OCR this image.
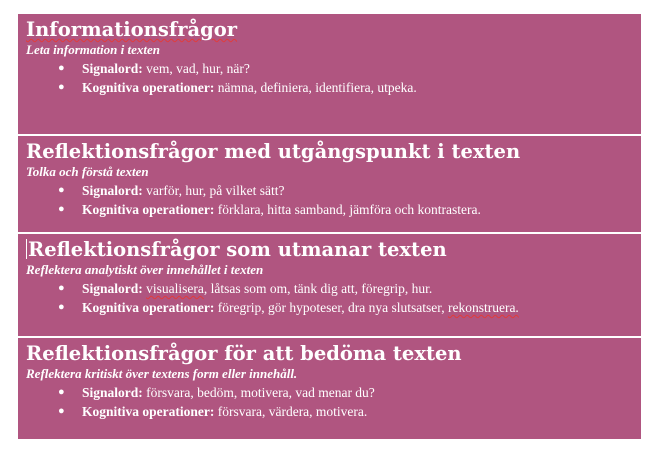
Informationsfrågor

Leta information i texten

● Signalord: vem, vad, hur, när?
● Kognitiva operationer: nämna, definiera, identifiera, utpeka.
Reflektionsfrågor med utgångspunkt i texten

Tolka och förstå texten

● Signalord: varför, hur, på vilket sätt?
● Kognitiva operationer: förklara, hitta samband, jämföra och kontrastera.
Reflektionsfrågor som utmanar texten

Reflektera analytiskt över innehållet i texten

● Signalord: visualisera, låtsas som om, tänk dig att, föregrip, hur.
● Kognitiva operationer: föregrip, gör hypoteser, dra nya slutsatser, rekonstruera.
Reflektionsfrågor för att bedöma texten

Reflektera kritiskt över textens form eller innehåll.

● Signalord: försvara, bedöm, motivera, vad menar du?
● Kognitiva operationer: försvara, värdera, motivera.
